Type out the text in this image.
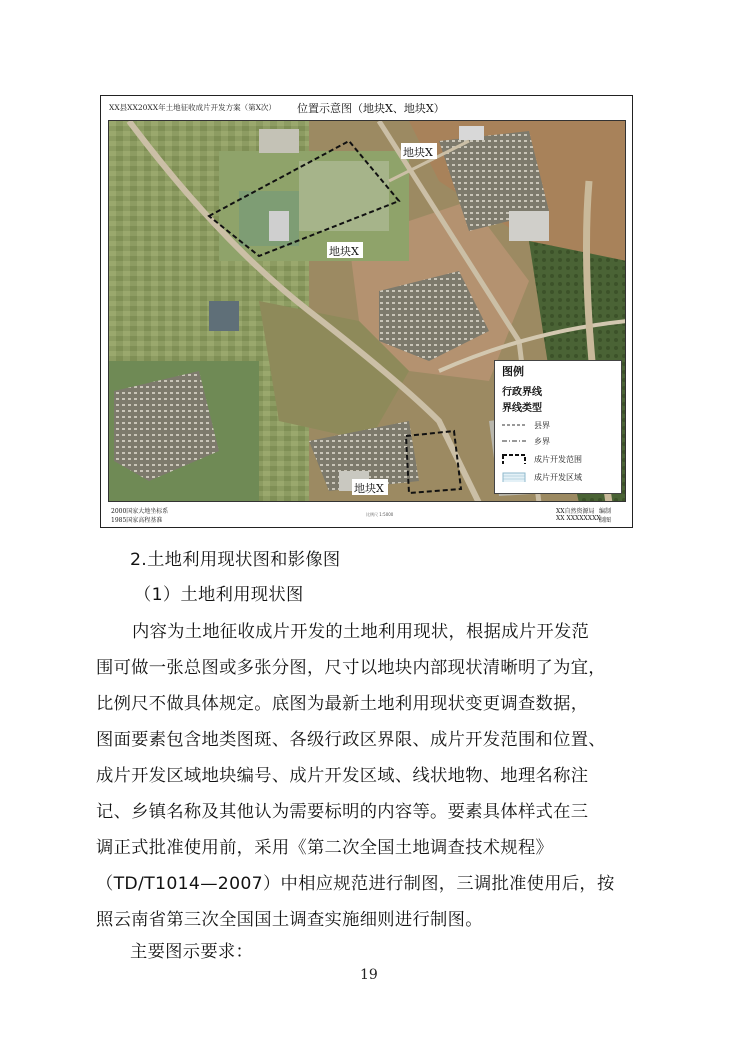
XX县XX20XX年土地征收成片开发方案（第X次） 位置示意图（地块X、地块X）
地块X
地块X
地块X
图例
行政界线
界线类型
县界
乡界
成片开发范围
成片开发区域
2000国家大地坐标系
1985国家高程基准
比例尺 1:5000	XX自然资源局 编制
XX XXXXXXXX
制图
2.土地利用现状图和影像图
（1）土地利用现状图
内容为土地征收成片开发的土地利用现状，根据成片开发范
围可做一张总图或多张分图，尺寸以地块内部现状清晰明了为宜，
比例尺不做具体规定。底图为最新土地利用现状变更调查数据，
图面要素包含地类图斑、各级行政区界限、成片开发范围和位置、
成片开发区域地块编号、成片开发区域、线状地物、地理名称注
记、乡镇名称及其他认为需要标明的内容等。要素具体样式在三
调正式批准使用前，采用《第二次全国土地调查技术规程》
（TD/T1014—2007）中相应规范进行制图，三调批准使用后，按
照云南省第三次全国国土调查实施细则进行制图。
主要图示要求：
19
